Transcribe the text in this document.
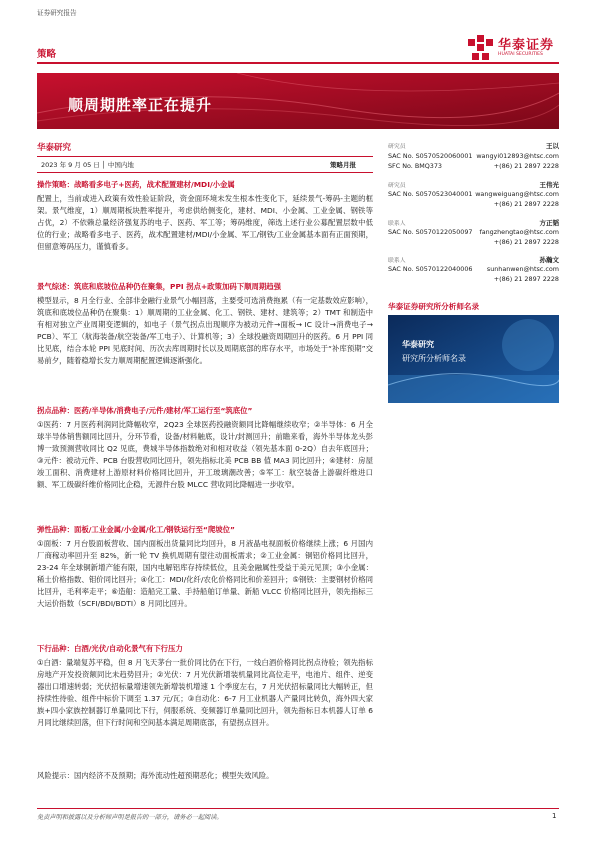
证券研究报告
策略
华泰证券
HUATAI SECURITIES
顺周期胜率正在提升
华泰研究
2023 年 9 月 05 日 │ 中国内地	策略月报
操作策略：战略看多电子+医药，战术配置建材/MDI/小金属
配置上，当前或进入政策有效性验证阶段，资金面环境未发生根本性变化下，延续景气-筹码-主题的框架。景气维度，1）顺周期板块胜率提升，考虑供给侧变化，建材、MDI、小金属、工业金属、钢铁等占优，2）不依赖总量经济强复苏的电子、医药、军工等；筹码维度，筛选上述行业公募配置层数中低位的行业；战略看多电子、医药，战术配置建材/MDI/小金属、军工/钢铁/工业金属基本面有正面预期，但留意筹码压力，谨慎看多。
景气综述：筑底和底坡位品种仍在聚集，PPI 拐点+政策加码下顺周期趋强
模型显示，8 月全行业、全部非金融行业景气小幅回落，主要受可选消费拖累（有一定基数效应影响），筑底和底坡位品种仍在聚集：1）顺周期的工业金属、化工、钢铁、建材、建筑等；2）TMT 和制造中有相对独立产业周期变逻辑的，如电子（景气拐点出现顺序为被动元件→面板→ IC 设计→消费电子→ PCB）、军工（航海装备/航空装备/军工电子）、计算机等；3）全球投融资周期回升的医药。6 月 PPI 同比见底，结合本轮 PPI 见底时间、历次去库周期时长以及周期底部的库存水平，市场处于“补库预期”交易前夕，随着稳增长发力顺周期配置逻辑逐渐强化。
拐点品种：医药/半导体/消费电子/元件/建材/军工运行至“筑底位”
①医药：7 月医药利润同比降幅收窄，2Q23 全球医药投融资额同比降幅继续收窄；②半导体：6 月全球半导体销售额同比回升，分环节看，设备/材料触底，设计/封测回升；前瞻来看，海外半导体龙头彭博一致预测营收同比 Q2 见底，费城半导体指数绝对和相对收益（领先基本面 0-2Q）自去年底回升；③元件：被动元件、PCB 台股营收同比回升，领先指标北美 PCB BB 值 MA3 同比回升；④建材：房屋竣工面积、消费建材上游原材料价格同比回升，开工玻璃潮改善；⑤军工：航空装备上游碳纤维进口额、军工级碳纤维价格同比企稳，无源件台股 MLCC 营收同比降幅进一步收窄。
弹性品种：面板/工业金属/小金属/化工/钢铁运行至“爬坡位”
①面板：7 月台股面板营收、国内面板出货量同比均回升，8 月液晶电视面板价格继续上涨；6 月国内厂商稼动率回升至 82%，新一轮 TV 换机周期有望往动面板需求；②工业金属：铜铝价格同比回升，23-24 年全球铜新增产能有限，国内电解铝库存持续低位，且美金融属性受益于美元见顶；③小金属：稀土价格指数、钼价同比回升；④化工：MDI/化纤/农化价格同比和价差回升；⑤钢铁：主要钢材价格同比回升，毛利率走平；⑥造船：造船完工量、手持船舶订单量、新船 VLCC 价格同比回升，领先指标三大运价指数（SCFI/BDI/BDTI）8 月同比回升。
下行品种：白酒/光伏/自动化景气有下行压力
①白酒：量端复苏平稳，但 8 月飞天茅台一批价同比仍在下行，一线白酒价格同比拐点待验；领先指标房地产开发投资额同比未趋势回升；②光伏：7 月光伏新增装机量同比高位走平，电池片、组件、逆变器出口增速转弱；光伏招标量增速领先新增装机增速 1 个季度左右，7 月光伏招标量同比大幅转正，但持续性待验、组件中标价下调至 1.37 元/瓦；③自动化：6-7 月工业机器人产量同比转负，海外四大家族+四小家族控制器订单量同比下行，伺服系统、变频器订单量同比回升，领先指标日本机器人订单 6 月同比继续回落，但下行时间和空间基本满足周期底部，有望拐点回升。
风险提示：国内经济不及预期；海外流动性超预期恶化；模型失效风险。
研究员	王以
SAC No. S0570520060001 wangyi012893@htsc.com
SFC No. BMQ373	+(86) 21 2897 2228
研究员	王伟光
SAC No. S0570523040001 wangweiguang@htsc.com
+(86) 21 2897 2228
联系人	方正韬
SAC No. S0570122050097 fangzhengtao@htsc.com
+(86) 21 2897 2228
联系人	孙瀚文
SAC No. S0570122040006 sunhanwen@htsc.com
+(86) 21 2897 2228
华泰证券研究所分析师名录
华泰研究
研究所分析师名录
免责声明和披露以及分析师声明是报告的一部分，请务必一起阅读。	1
